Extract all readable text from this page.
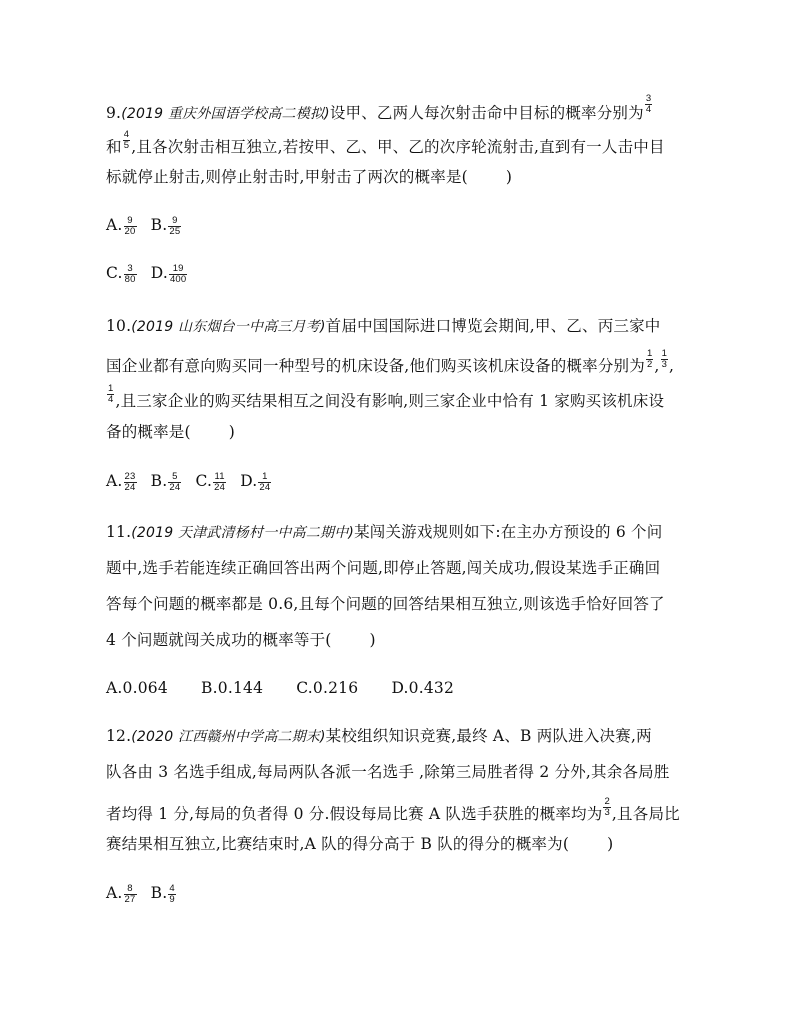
9.(2019 重庆外国语学校高二模拟)设甲、乙两人每次射击命中目标的概率分别为 $\frac{3}{4}$
和 $\frac{4}{5}$ ,且各次射击相互独立,若按甲、乙、甲、乙的次序轮流射击,直到有一人击中目
标就停止射击,则停止射击时,甲射击了两次的概率是( )
A. $\frac{9}{20} B$. $\frac{9}{25}$
C. $\frac{3}{80} D$. $\frac{19}{400}$
10.(2019 山东烟台一中高三月考)首届中国国际进口博览会期间,甲、乙、丙三家中
国企业都有意向购买同一种型号的机床设备,他们购买该机床设备的概率分别为 $\frac{1}{2}$ , $\frac{1}{3}$ ,
$\frac{1}{4}$ ,且三家企业的购买结果相互之间没有影响,则三家企业中恰有 1 家购买该机床设
备的概率是( )
A. $\frac{23}{24} B$. $\frac{5}{24} C$. $\frac{11}{24} D$. $\frac{1}{24}$
11.(2019 天津武清杨村一中高二期中)某闯关游戏规则如下:在主办方预设的 6 个问
题中,选手若能连续正确回答出两个问题,即停止答题,闯关成功,假设某选手正确回
答每个问题的概率都是 0.6,且每个问题的回答结果相互独立,则该选手恰好回答了
4 个问题就闯关成功的概率等于( )
A.0.064 B.0.144 C.0.216 D.0.432
12.(2020 江西赣州中学高二期末)某校组织知识竞赛,最终 A、B 两队进入决赛,两
队各由 3 名选手组成,每局两队各派一名选手 ,除第三局胜者得 2 分外,其余各局胜
者均得 1 分,每局的负者得 0 分.假设每局比赛 A 队选手获胜的概率均为 $\frac{2}{3}$ ,且各局比
赛结果相互独立,比赛结束时,A 队的得分高于 B 队的得分的概率为( )
A. $\frac{8}{27} B$. $\frac{4}{9}$
